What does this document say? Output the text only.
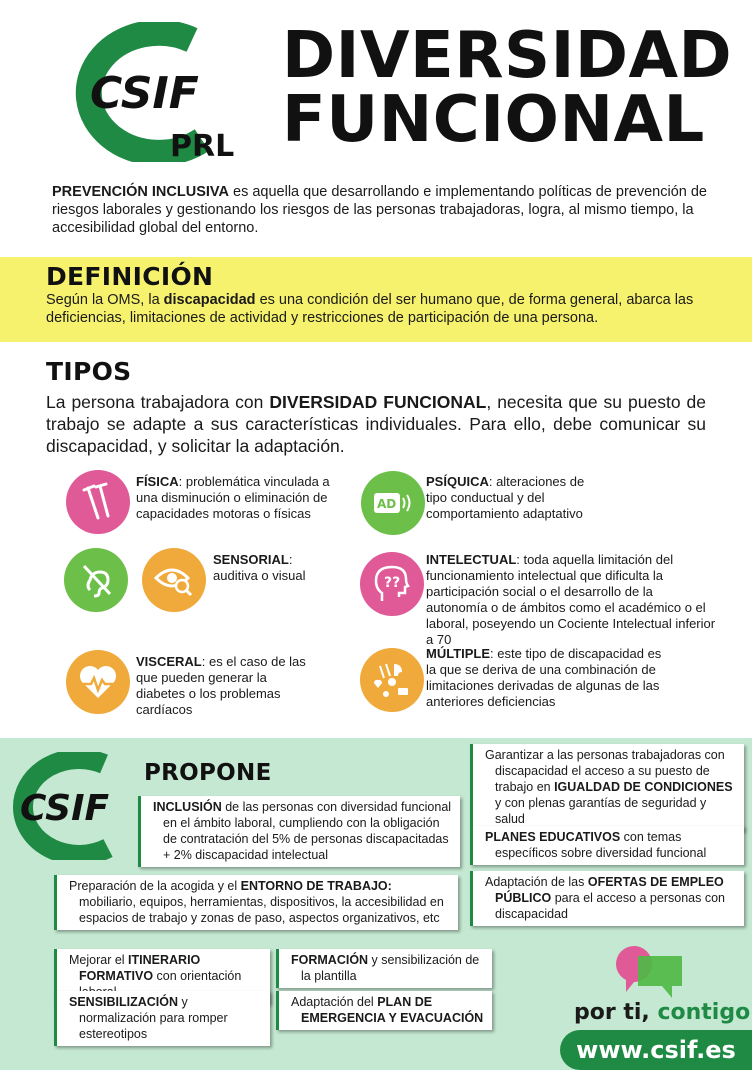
CSIF
PRL
DIVERSIDAD
FUNCIONAL

PREVENCIÓN INCLUSIVA es aquella que desarrollando e implementando políticas de prevención de riesgos laborales y gestionando los riesgos de las personas trabajadoras, logra, al mismo tiempo, la accesibilidad global del entorno.

DEFINICIÓN

Según la OMS, la discapacidad es una condición del ser humano que, de forma general, abarca las deficiencias, limitaciones de actividad y restricciones de participación de una persona.

TIPOS

La persona trabajadora con DIVERSIDAD FUNCIONAL, necesita que su puesto de trabajo se adapte a sus características individuales. Para ello, debe comunicar su discapacidad, y solicitar la adaptación.

FÍSICA: problemática vinculada a una disminución o eliminación de capacidades motoras o físicas

AD

PSÍQUICA: alteraciones de tipo conductual y del comportamiento adaptativo

SENSORIAL: auditiva o visual	??

INTELECTUAL: toda aquella limitación del funcionamiento intelectual que dificulta la participación social o el desarrollo de la autonomía o de ámbitos como el académico o el laboral, poseyendo un Cociente Intelectual inferior a 70

VISCERAL: es el caso de las que pueden generar la diabetes o los problemas cardíacos

MÚLTIPLE: este tipo de discapacidad es la que se deriva de una combinación de limitaciones derivadas de algunas de las anteriores deficiencias

CSIF
PROPONE
INCLUSIÓN de las personas con diversidad funcional en el ámbito laboral, cumpliendo con la obligación de contratación del 5% de personas discapacitadas + 2% discapacidad intelectual
Preparación de la acogida y el ENTORNO DE TRABAJO: mobiliario, equipos, herramientas, dispositivos, la accesibilidad en espacios de trabajo y zonas de paso, aspectos organizativos, etc
Mejorar el ITINERARIO FORMATIVO con orientación
FORMACIÓN y sensibilización de la plantilla
SENSIBILIZACIÓN y normalización para romper estereotipos
Adaptación del PLAN DE EMERGENCIA Y EVACUACIÓN
Garantizar a las personas trabajadoras con discapacidad el acceso a su puesto de trabajo en IGUALDAD DE CONDICIONES y con plenas garantías de seguridad y salud
PLANES EDUCATIVOS con temas específicos sobre diversidad funcional
Adaptación de las OFERTAS DE EMPLEO PÚBLICO para el acceso a personas con discapacidad
por ti, contigo
www.csif.es
